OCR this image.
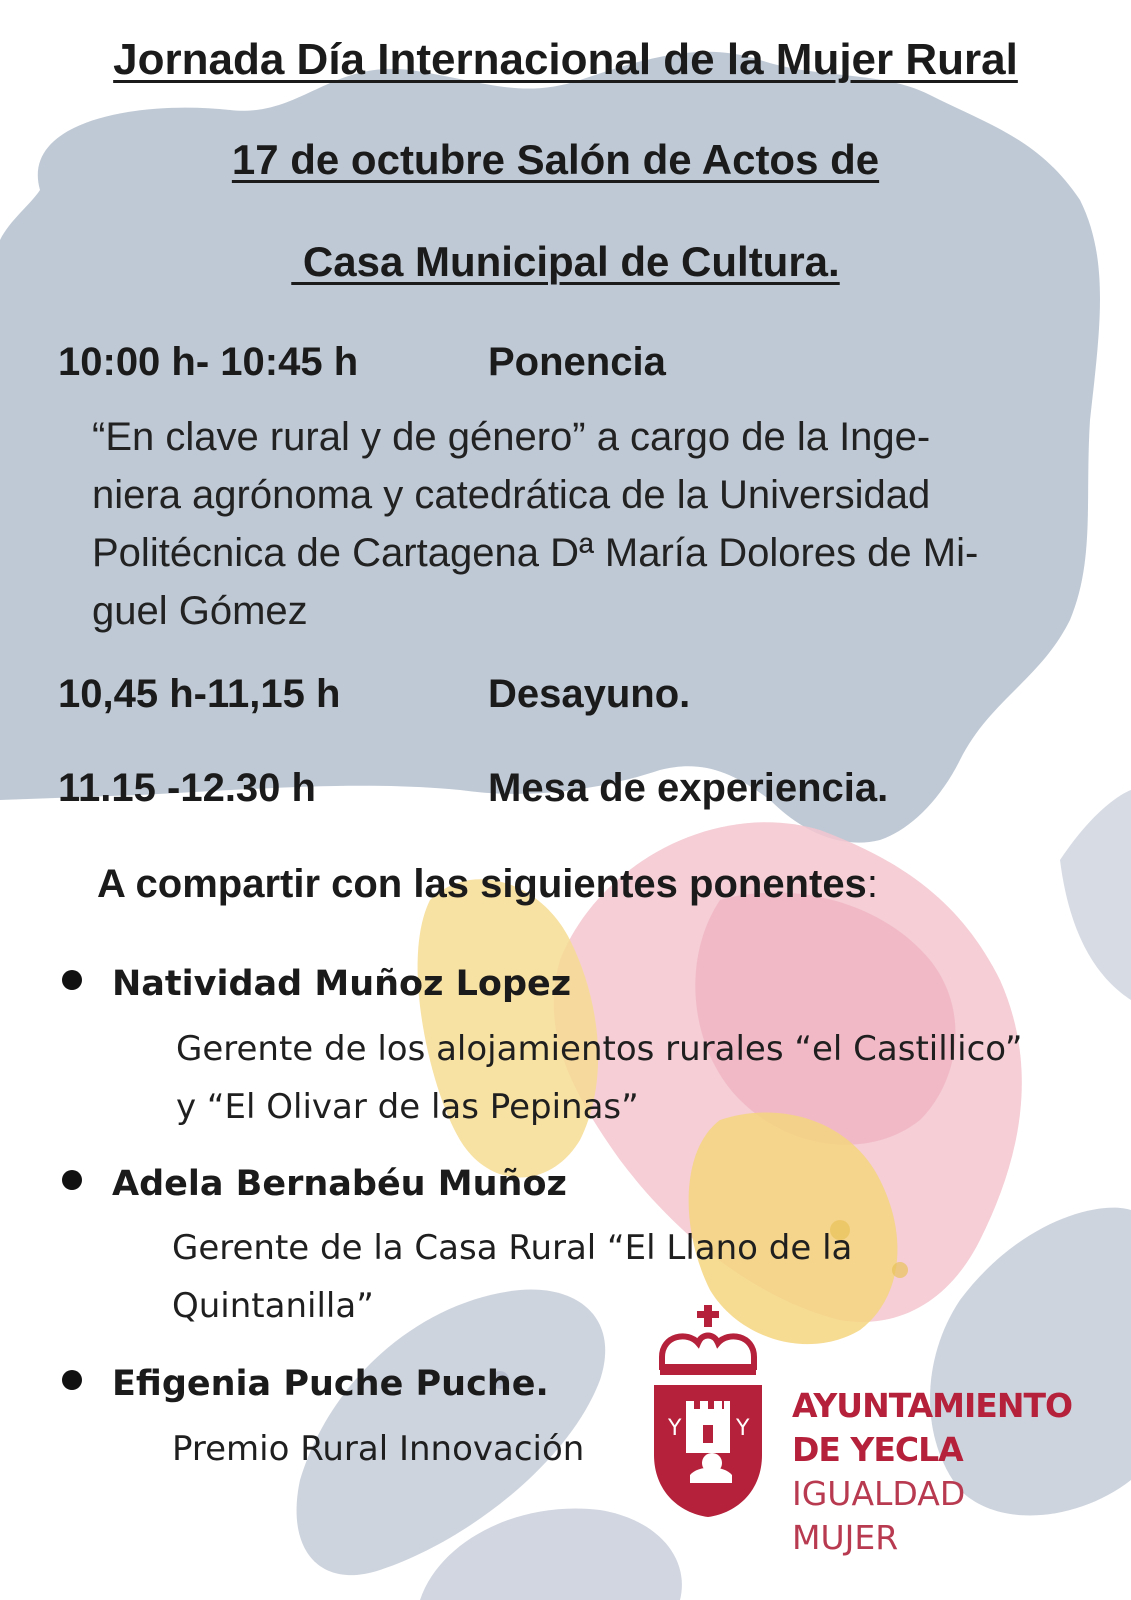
Jornada Día Internacional de la Mujer Rural
17 de octubre Salón de Actos de
Casa Municipal de Cultura.
10:00 h- 10:45 h	Ponencia
“En clave rural y de género” a cargo de la Inge-
niera agrónoma y catedrática de la Universidad
Politécnica de Cartagena Dª María Dolores de Mi-
guel Gómez
10,45 h-11,15 h	Desayuno.
11.15 -12.30 h	Mesa de experiencia.
A compartir con las siguientes ponentes:
Natividad Muñoz Lopez
Gerente de los alojamientos rurales “el Castillico”
y “El Olivar de las Pepinas”
Adela Bernabéu Muñoz
Gerente de la Casa Rural “El Llano de la
Quintanilla”
Efigenia Puche Puche.
Premio Rural Innovación
Y Y
AYUNTAMIENTO
DE YECLA
IGUALDAD
MUJER
